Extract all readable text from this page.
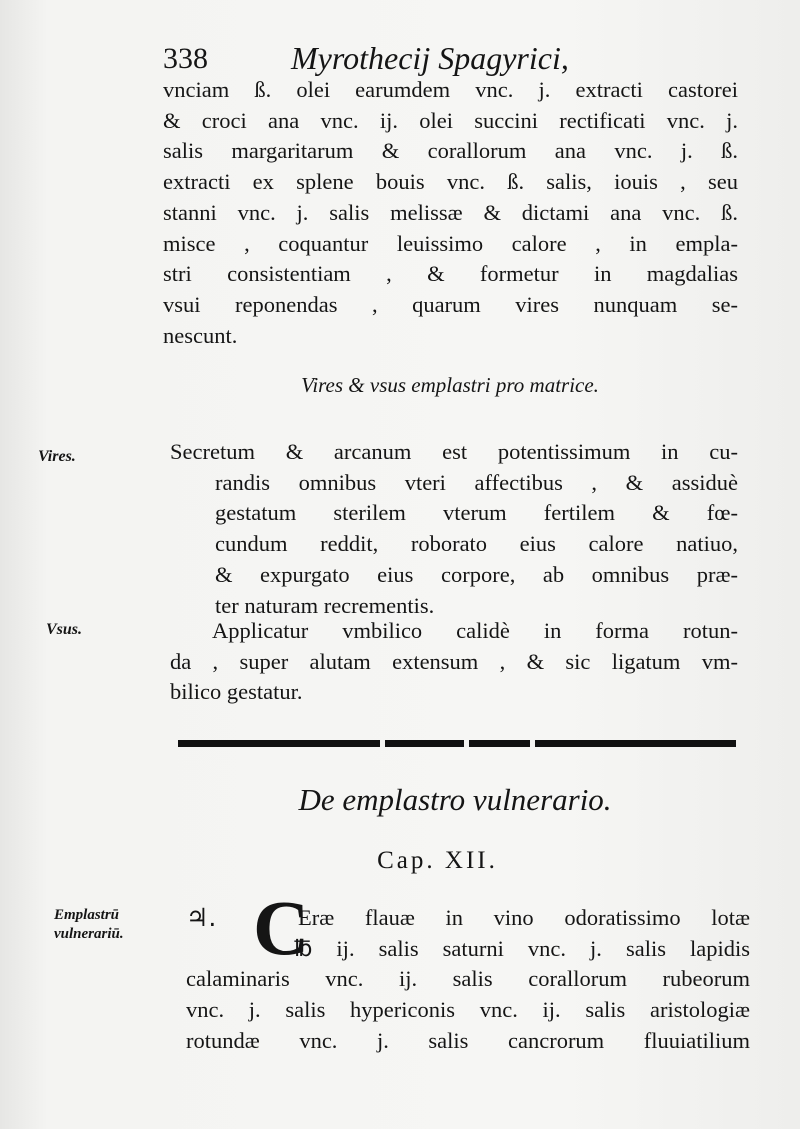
338	Myrothecij Spagyrici,
vnciam ß. olei earumdem vnc. j. extracti castorei
& croci ana vnc. ij. olei succini rectificati vnc. j.
salis margaritarum & corallorum ana vnc. j. ß.
extracti ex splene bouis vnc. ß. salis, iouis , seu
stanni vnc. j. salis melissæ & dictami ana vnc. ß.
misce , coquantur leuissimo calore , in empla-
stri consistentiam , & formetur in magdalias
vsui reponendas , quarum vires nunquam se-
nescunt.
Vires & vsus emplastri pro matrice.
Vires.	Secretum & arcanum est potentissimum in cu-
randis omnibus vteri affectibus , & assiduè
gestatum sterilem vterum fertilem & fœ-
cundum reddit, roborato eius calore natiuo,
& expurgato eius corpore, ab omnibus præ-
ter naturam recrementis.
Vsus.	Applicatur vmbilico calidè in forma rotun-
da , super alutam extensum , & sic ligatum vm-
bilico gestatur.
De emplastro vulnerario.
Cap. XII.
Emplastrū
vulnerariū.
♃. C
Eræ flauæ in vino odoratissimo lotæ
℔ ij. salis saturni vnc. j. salis lapidis
calaminaris vnc. ij. salis corallorum rubeorum
vnc. j. salis hypericonis vnc. ij. salis aristologiæ
rotundæ vnc. j. salis cancrorum fluuiatilium
